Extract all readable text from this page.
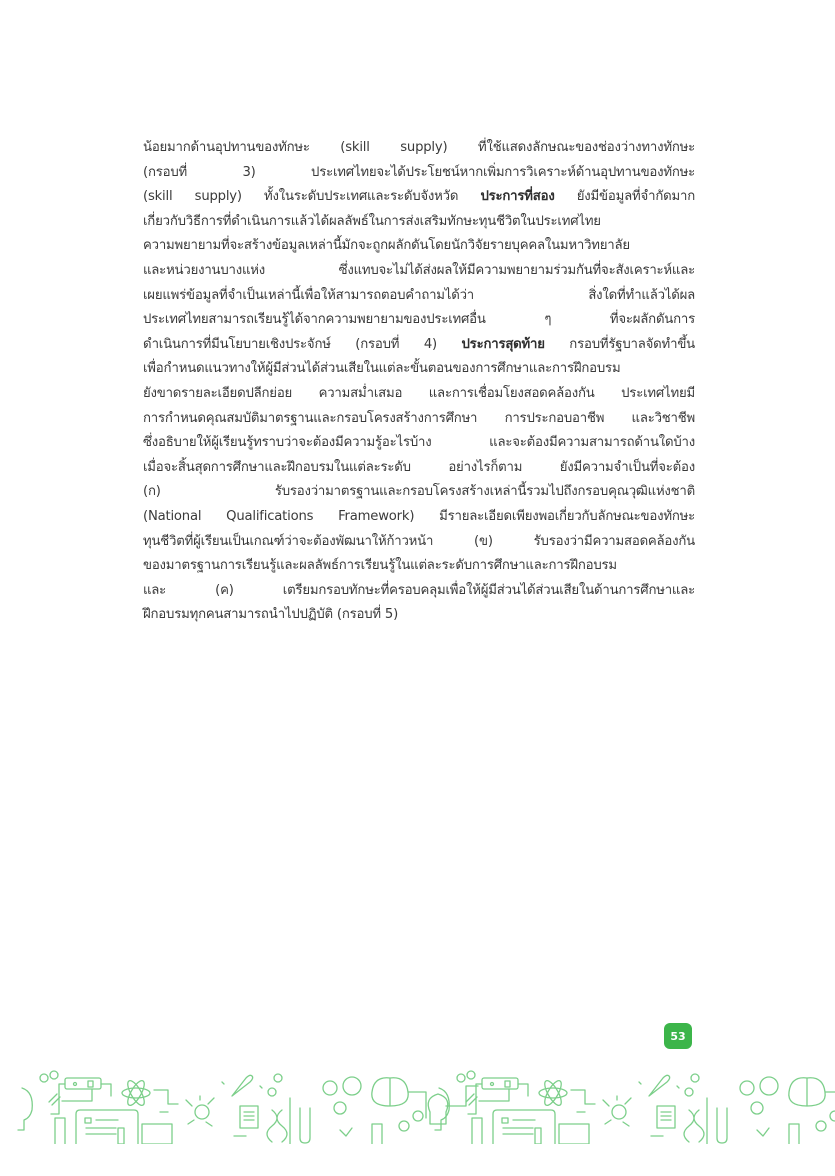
น้อยมากด้านอุปทานของทักษะ (skill supply) ที่ใช้แสดงลักษณะของช่องว่างทางทักษะ
(กรอบที่ 3) ประเทศไทยจะได้ประโยชน์หากเพิ่มการวิเคราะห์ด้านอุปทานของทักษะ
(skill supply) ทั้งในระดับประเทศและระดับจังหวัด ประการที่สอง ยังมีข้อมูลที่จำกัดมาก
เกี่ยวกับวิธีการที่ดำเนินการแล้วได้ผลลัพธ์ในการส่งเสริมทักษะทุนชีวิตในประเทศไทย
ความพยายามที่จะสร้างข้อมูลเหล่านี้มักจะถูกผลักดันโดยนักวิจัยรายบุคคลในมหาวิทยาลัย
และหน่วยงานบางแห่ง ซึ่งแทบจะไม่ได้ส่งผลให้มีความพยายามร่วมกันที่จะสังเคราะห์และ
เผยแพร่ข้อมูลที่จำเป็นเหล่านี้เพื่อให้สามารถตอบคำถามได้ว่า สิ่งใดที่ทำแล้วได้ผล
ประเทศไทยสามารถเรียนรู้ได้จากความพยายามของประเทศอื่น ๆ ที่จะผลักดันการ
ดำเนินการที่มีนโยบายเชิงประจักษ์ (กรอบที่ 4) ประการสุดท้าย กรอบที่รัฐบาลจัดทำขึ้น
เพื่อกำหนดแนวทางให้ผู้มีส่วนได้ส่วนเสียในแต่ละขั้นตอนของการศึกษาและการฝึกอบรม
ยังขาดรายละเอียดปลีกย่อย ความสม่ำเสมอ และการเชื่อมโยงสอดคล้องกัน ประเทศไทยมี
การกำหนดคุณสมบัติมาตรฐานและกรอบโครงสร้างการศึกษา การประกอบอาชีพ และวิชาชีพ
ซึ่งอธิบายให้ผู้เรียนรู้ทราบว่าจะต้องมีความรู้อะไรบ้าง และจะต้องมีความสามารถด้านใดบ้าง
เมื่อจะสิ้นสุดการศึกษาและฝึกอบรมในแต่ละระดับ อย่างไรก็ตาม ยังมีความจำเป็นที่จะต้อง
(ก) รับรองว่ามาตรฐานและกรอบโครงสร้างเหล่านี้รวมไปถึงกรอบคุณวุฒิแห่งชาติ
(National Qualifications Framework) มีรายละเอียดเพียงพอเกี่ยวกับลักษณะของทักษะ
ทุนชีวิตที่ผู้เรียนเป็นเกณฑ์ว่าจะต้องพัฒนาให้ก้าวหน้า (ข) รับรองว่ามีความสอดคล้องกัน
ของมาตรฐานการเรียนรู้และผลลัพธ์การเรียนรู้ในแต่ละระดับการศึกษาและการฝึกอบรม
และ (ค) เตรียมกรอบทักษะที่ครอบคลุมเพื่อให้ผู้มีส่วนได้ส่วนเสียในด้านการศึกษาและ
ฝึกอบรมทุกคนสามารถนำไปปฏิบัติ (กรอบที่ 5)
53
